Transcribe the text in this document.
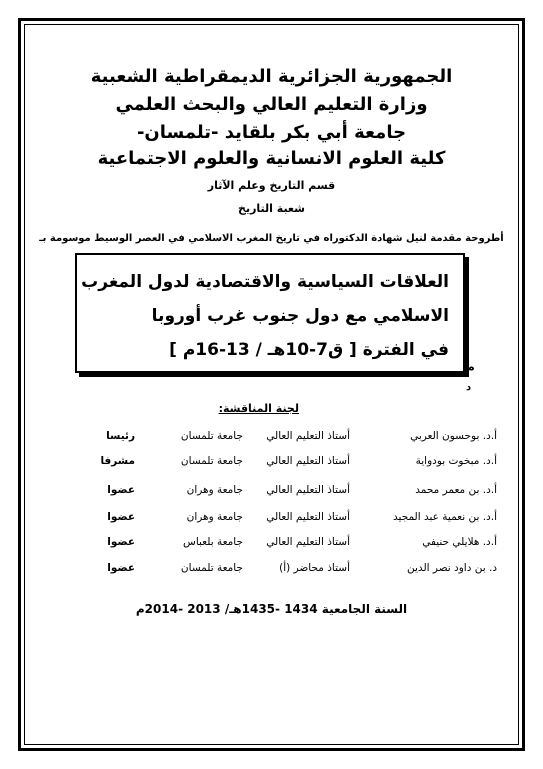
الجمهورية الجزائرية الديمقراطية الشعبية
وزارة التعليم العالي والبحث العلمي
جامعة أبي بكر بلقايد -تلمسان-
كلية العلوم الانسانية والعلوم الاجتماعية
قسم التاريخ وعلم الآثار
شعبة التاريخ
أطروحة مقدمة لنيل شهادة الدكتوراه في تاريخ المغرب الاسلامي في العصر الوسيط موسومة بـ
م
د
العلاقات السياسية والاقتصادية لدول المغرب
الاسلامي مع دول جنوب غرب أوروبا
في الفترة [ ق7-10هـ / 13-16م ]
لجنة المناقشة:
أ.د. بوحسون العربي
أستاذ التعليم العالي
جامعة تلمسان
رئيسا
أ.د. مبخوت بودواية
أستاذ التعليم العالي
جامعة تلمسان
مشرفا
أ.د. بن معمر محمد
أستاذ التعليم العالي
جامعة وهران
عضوا
أ.د. بن نعمية عبد المجيد
أستاذ التعليم العالي
جامعة وهران
عضوا
أ.د. هلايلي حنيفي
أستاذ التعليم العالي
جامعة بلعباس
عضوا
د. بن داود نصر الدين
أستاذ محاضر (أ)
جامعة تلمسان
عضوا
السنة الجامعية 1434 -1435هـ/ 2013 -2014م
